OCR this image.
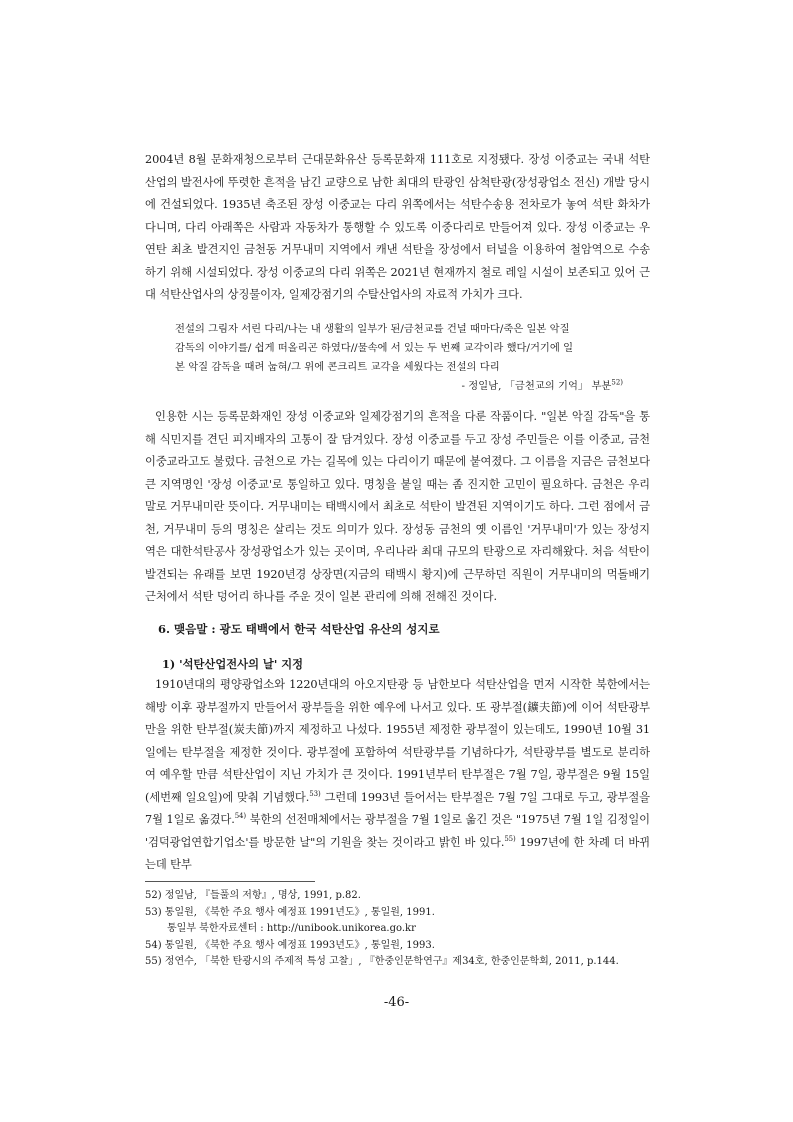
2004년 8월 문화재청으로부터 근대문화유산 등록문화재 111호로 지정됐다. 장성 이중교는 국내 석탄산업의 발전사에 뚜렷한 흔적을 남긴 교량으로 남한 최대의 탄광인 삼척탄광(장성광업소 전신) 개발 당시에 건설되었다. 1935년 축조된 장성 이중교는 다리 위쪽에서는 석탄수송용 전차로가 놓여 석탄 화차가 다니며, 다리 아래쪽은 사람과 자동차가 통행할 수 있도록 이중다리로 만들어져 있다. 장성 이중교는 우연탄 최초 발견지인 금천동 거무내미 지역에서 캐낸 석탄을 장성에서 터널을 이용하여 철암역으로 수송하기 위해 시설되었다. 장성 이중교의 다리 위쪽은 2021년 현재까지 철로 레일 시설이 보존되고 있어 근대 석탄산업사의 상징물이자, 일제강점기의 수탈산업사의 자료적 가치가 크다.

전설의 그림자 서린 다리/나는 내 생활의 일부가 된/금천교를 건널 때마다/죽은 일본 악질
감독의 이야기를/ 쉽게 떠올리곤 하였다//물속에 서 있는 두 번째 교각이라 했다/거기에 일
본 악질 감독을 때려 눕혀/그 위에 콘크리트 교각을 세웠다는 전설의 다리

- 정일남, 「금천교의 기억」 부분$^{52)}$

인용한 시는 등록문화재인 장성 이중교와 일제강점기의 흔적을 다룬 작품이다. "일본 악질 감독"을 통해 식민지를 견딘 피지배자의 고통이 잘 담겨있다. 장성 이중교를 두고 장성 주민들은 이를 이중교, 금천 이중교라고도 불렀다. 금천으로 가는 길목에 있는 다리이기 때문에 붙여졌다. 그 이름을 지금은 금천보다 큰 지역명인 '장성 이중교'로 통일하고 있다. 명칭을 붙일 때는 좀 진지한 고민이 필요하다. 금천은 우리말로 거무내미란 뜻이다. 거무내미는 태백시에서 최초로 석탄이 발견된 지역이기도 하다. 그런 점에서 금천, 거무내미 등의 명칭은 살리는 것도 의미가 있다. 장성동 금천의 옛 이름인 '거무내미'가 있는 장성지역은 대한석탄공사 장성광업소가 있는 곳이며, 우리나라 최대 규모의 탄광으로 자리해왔다. 처음 석탄이 발견되는 유래를 보면 1920년경 상장면(지금의 태백시 황지)에 근무하던 직원이 거무내미의 먹돌배기 근처에서 석탄 덩어리 하나를 주운 것이 일본 관리에 의해 전해진 것이다.

6. 맺음말 : 광도 태백에서 한국 석탄산업 유산의 성지로
1) '석탄산업전사의 날' 지정

1910년대의 평양광업소와 1220년대의 아오지탄광 등 남한보다 석탄산업을 먼저 시작한 북한에서는 해방 이후 광부절까지 만들어서 광부들을 위한 예우에 나서고 있다. 또 광부절(鑛夫節)에 이어 석탄광부만을 위한 탄부절(炭夫節)까지 제정하고 나섰다. 1955년 제정한 광부절이 있는데도, 1990년 10월 31일에는 탄부절을 제정한 것이다. 광부절에 포함하여 석탄광부를 기념하다가, 석탄광부를 별도로 분리하여 예우할 만큼 석탄산업이 지닌 가치가 큰 것이다. 1991년부터 탄부절은 7월 7일, 광부절은 9월 15일(세번째 일요일)에 맞춰 기념했다.$^{53)}$ 그런데 1993년 들어서는 탄부절은 7월 7일 그대로 두고, 광부절을 7월 1일로 옮겼다.$^{54)}$ 북한의 선전매체에서는 광부절을 7월 1일로 옮긴 것은 "1975년 7월 1일 김정일이 '검덕광업연합기업소'를 방문한 날"의 기원을 찾는 것이라고 밝힌 바 있다.$^{55)}$ 1997년에 한 차례 더 바뀌는데 탄부

52) 정일남, 『들풀의 저항』, 명상, 1991, p.82.
53) 통일원, 《북한 주요 행사 예정표 1991년도》, 통일원, 1991.
통일부 북한자료센터 : http://unibook.unikorea.go.kr
54) 통일원, 《북한 주요 행사 예정표 1993년도》, 통일원, 1993.
55) 정연수, 「북한 탄광시의 주제적 특성 고찰」, 『한중인문학연구』제34호, 한중인문학회, 2011, p.144.
-46-
